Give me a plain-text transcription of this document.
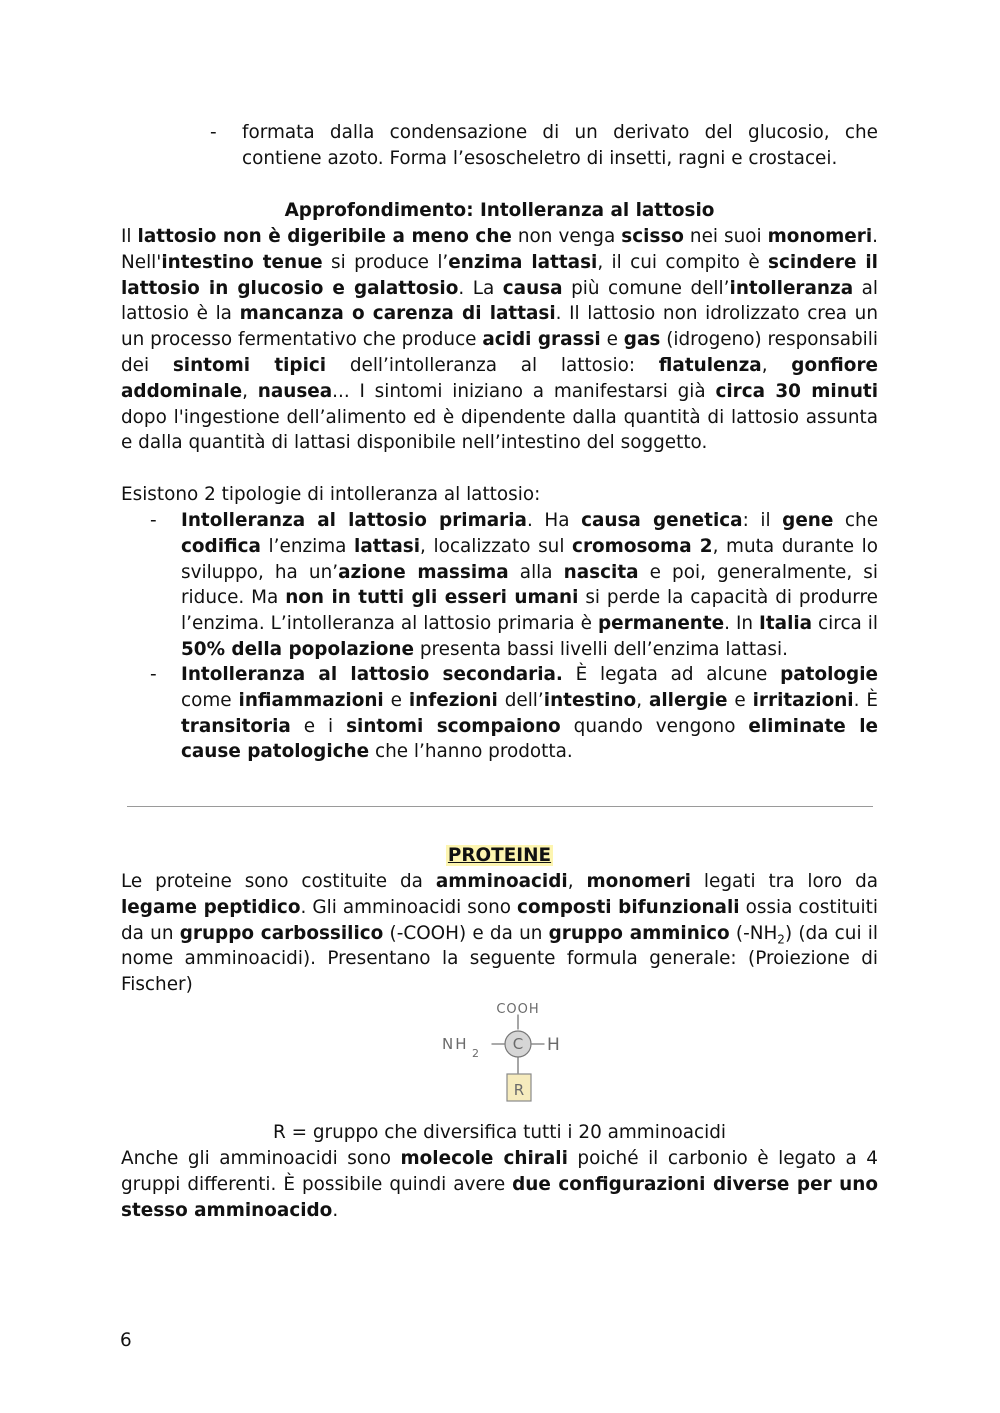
- formata dalla condensazione di un derivato del glucosio, che contiene azoto. Forma l’esoscheletro di insetti, ragni e crostacei.
Approfondimento: Intolleranza al lattosio
Il lattosio non è digeribile a meno che non venga scisso nei suoi monomeri. Nell'intestino tenue si produce l’enzima lattasi, il cui compito è scindere il lattosio in glucosio e galattosio. La causa più comune dell’intolleranza al lattosio è la mancanza o carenza di lattasi. Il lattosio non idrolizzato crea un un processo fermentativo che produce acidi grassi e gas (idrogeno) responsabili dei sintomi tipici dell’intolleranza al lattosio: flatulenza, gonfiore addominale, nausea... I sintomi iniziano a manifestarsi già circa 30 minuti dopo l'ingestione dell’alimento ed è dipendente dalla quantità di lattosio assunta e dalla quantità di lattasi disponibile nell’intestino del soggetto.
Esistono 2 tipologie di intolleranza al lattosio:
- Intolleranza al lattosio primaria. Ha causa genetica: il gene che codifica l’enzima lattasi, localizzato sul cromosoma 2, muta durante lo sviluppo, ha un’azione massima alla nascita e poi, generalmente, si riduce. Ma non in tutti gli esseri umani si perde la capacità di produrre l’enzima. L’intolleranza al lattosio primaria è permanente. In Italia circa il 50% della popolazione presenta bassi livelli dell’enzima lattasi.
- Intolleranza al lattosio secondaria. È legata ad alcune patologie come infiammazioni e infezioni dell’intestino, allergie e irritazioni. È transitoria e i sintomi scompaiono quando vengono eliminate le cause patologiche che l’hanno prodotta.
PROTEINE
Le proteine sono costituite da amminoacidi, monomeri legati tra loro da legame peptidico. Gli amminoacidi sono composti bifunzionali ossia costituiti da un gruppo carbossilico (-COOH) e da un gruppo amminico $(-NH_2)$ (da cui il nome amminoacidi). Presentano la seguente formula generale: (Proiezione di Fischer)
COOH
NH
2
C H
R
R = gruppo che diversifica tutti i 20 amminoacidi
Anche gli amminoacidi sono molecole chirali poiché il carbonio è legato a 4 gruppi differenti. È possibile quindi avere due configurazioni diverse per uno stesso amminoacido.
6
